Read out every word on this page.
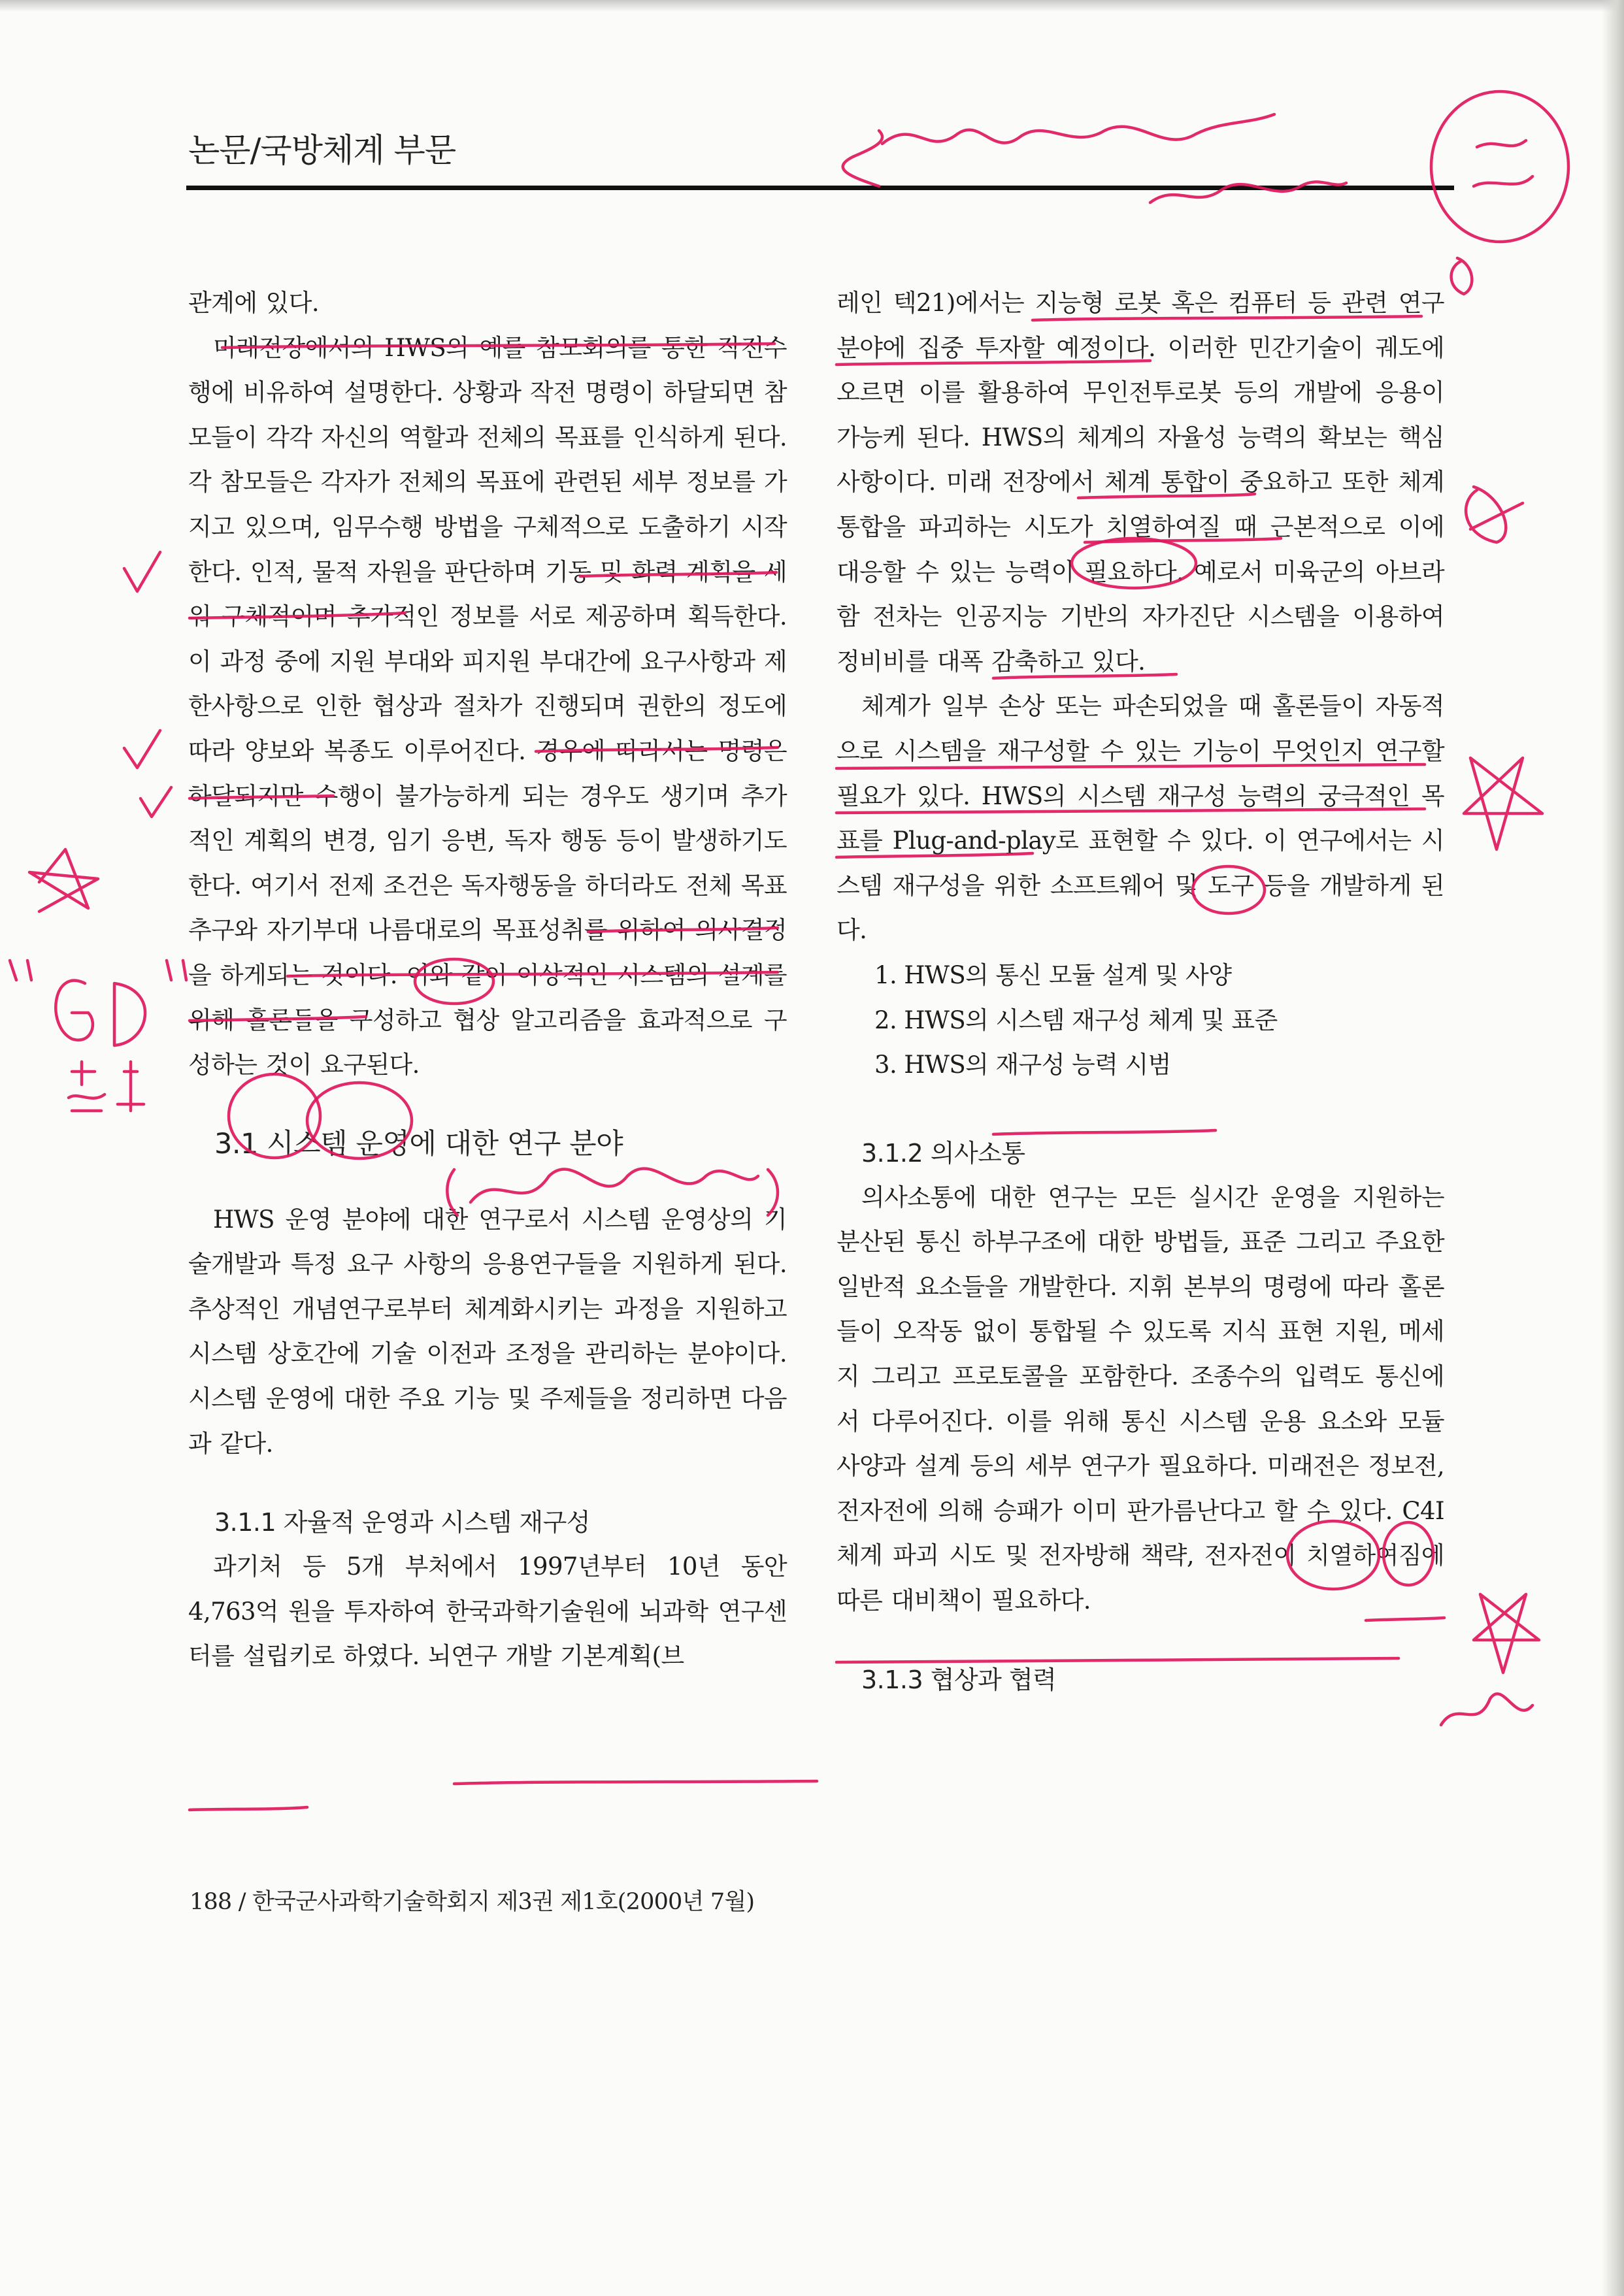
논문/국방체계 부문

관계에 있다.

미래전장에서의 HWS의 예를 참모회의를 통한 작전수행에 비유하여 설명한다. 상황과 작전 명령이 하달되면 참모들이 각각 자신의 역할과 전체의 목표를 인식하게 된다. 각 참모들은 각자가 전체의 목표에 관련된 세부 정보를 가지고 있으며, 임무수행 방법을 구체적으로 도출하기 시작한다. 인적, 물적 자원을 판단하며 기동 및 화력 계획을 세워 구체적이며 추가적인 정보를 서로 제공하며 획득한다. 이 과정 중에 지원 부대와 피지원 부대간에 요구사항과 제한사항으로 인한 협상과 절차가 진행되며 권한의 정도에 따라 양보와 복종도 이루어진다. 경우에 따라서는 명령은 하달되지만 수행이 불가능하게 되는 경우도 생기며 추가적인 계획의 변경, 임기 응변, 독자 행동 등이 발생하기도 한다. 여기서 전제 조건은 독자행동을 하더라도 전체 목표 추구와 자기부대 나름대로의 목표성취를 위하여 의사결정을 하게되는 것이다. 이와 같이 이상적인 시스템의 설계를 위해 홀론들을 구성하고 협상 알고리즘을 효과적으로 구성하는 것이 요구된다.

3.1 시스템 운영에 대한 연구 분야

HWS 운영 분야에 대한 연구로서 시스템 운영상의 기술개발과 특정 요구 사항의 응용연구들을 지원하게 된다. 추상적인 개념연구로부터 체계화시키는 과정을 지원하고 시스템 상호간에 기술 이전과 조정을 관리하는 분야이다. 시스템 운영에 대한 주요 기능 및 주제들을 정리하면 다음과 같다.

3.1.1 자율적 운영과 시스템 재구성

과기처 등 5개 부처에서 1997년부터 10년 동안 4,763억 원을 투자하여 한국과학기술원에 뇌과학 연구센터를 설립키로 하였다. 뇌연구 개발 기본계획(브

레인 텍21)에서는 지능형 로봇 혹은 컴퓨터 등 관련 연구분야에 집중 투자할 예정이다. 이러한 민간기술이 궤도에 오르면 이를 활용하여 무인전투로봇 등의 개발에 응용이 가능케 된다. HWS의 체계의 자율성 능력의 확보는 핵심 사항이다. 미래 전장에서 체계 통합이 중요하고 또한 체계 통합을 파괴하는 시도가 치열하여질 때 근본적으로 이에 대응할 수 있는 능력이 필요하다. 예로서 미육군의 아브라함 전차는 인공지능 기반의 자가진단 시스템을 이용하여 정비비를 대폭 감축하고 있다.

체계가 일부 손상 또는 파손되었을 때 홀론들이 자동적으로 시스템을 재구성할 수 있는 기능이 무엇인지 연구할 필요가 있다. HWS의 시스템 재구성 능력의 궁극적인 목표를 Plug-and-play로 표현할 수 있다. 이 연구에서는 시스템 재구성을 위한 소프트웨어 및 도구 등을 개발하게 된다.

1. HWS의 통신 모듈 설계 및 사양
2. HWS의 시스템 재구성 체계 및 표준
3. HWS의 재구성 능력 시범

3.1.2 의사소통

의사소통에 대한 연구는 모든 실시간 운영을 지원하는 분산된 통신 하부구조에 대한 방법들, 표준 그리고 주요한 일반적 요소들을 개발한다. 지휘 본부의 명령에 따라 홀론들이 오작동 없이 통합될 수 있도록 지식 표현 지원, 메세지 그리고 프로토콜을 포함한다. 조종수의 입력도 통신에서 다루어진다. 이를 위해 통신 시스템 운용 요소와 모듈 사양과 설계 등의 세부 연구가 필요하다. 미래전은 정보전, 전자전에 의해 승패가 이미 판가름난다고 할 수 있다. C4I 체계 파괴 시도 및 전자방해 책략, 전자전이 치열하여짐에 따른 대비책이 필요하다.

3.1.3 협상과 협력

188 / 한국군사과학기술학회지 제3권 제1호(2000년 7월)
